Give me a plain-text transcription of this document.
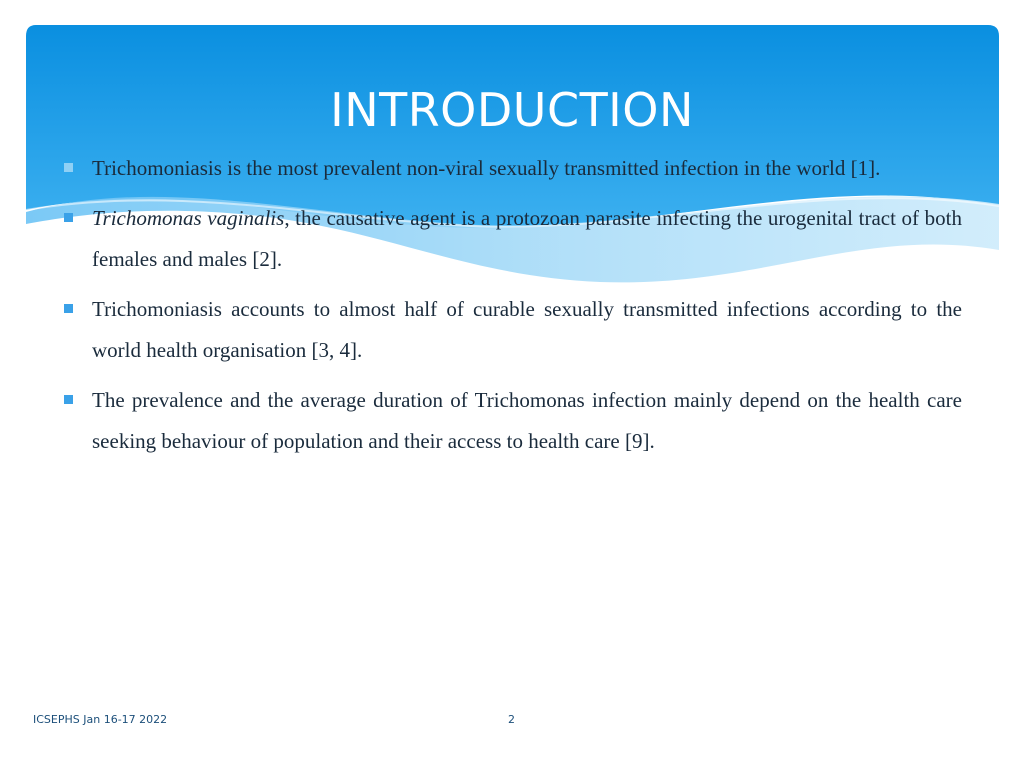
INTRODUCTION
Trichomoniasis is the most prevalent non-viral sexually transmitted infection in the world [1].
Trichomonas vaginalis, the causative agent is a protozoan parasite infecting the urogenital tract of both females and males [2].
Trichomoniasis accounts to almost half of curable sexually transmitted infections according to the world health organisation [3, 4].
The prevalence and the average duration of Trichomonas infection mainly depend on the health care seeking behaviour of population and their access to health care [9].
ICSEPHS Jan 16-17 2022	2
